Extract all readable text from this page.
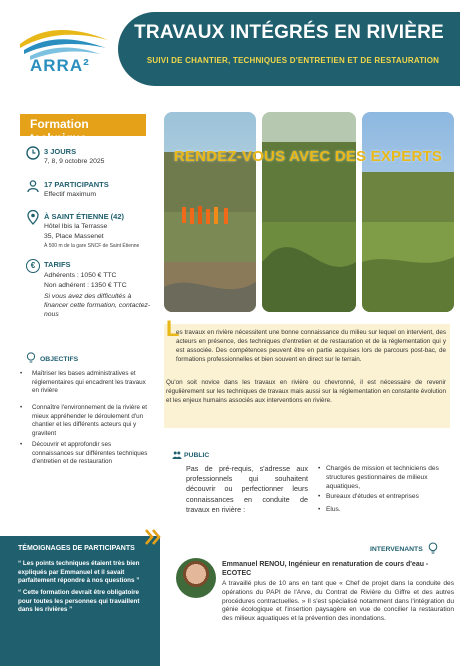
ARRA²
TRAVAUX INTÉGRÉS EN RIVIÈRE
SUIVI DE CHANTIER, TECHNIQUES D'ENTRETIEN ET DE RESTAURATION
Formation technique
3 JOURS
7, 8, 9 octobre 2025
17 PARTICIPANTS
Effectif maximum
À SAINT ÉTIENNE (42)
Hôtel Ibis la Terrasse
35, Place Massenet
À 500 m de la gare SNCF de Saint Étienne
€	TARIFS
Adhérents : 1050 € TTC
Non adhérent : 1350 € TTC
Si vous avez des difficultés à financer cette formation, contactez-nous
RENDEZ-VOUS AVEC DES EXPERTS
L
es travaux en rivière nécessitent une bonne connaissance du milieu sur lequel on intervient, des acteurs en présence, des techniques d'entretien et de restauration et de la réglementation qui y est associée. Des compétences peuvent être en partie acquises lors de parcours post-bac, de formations professionnelles et bien souvent en direct sur le terrain.
Qu'on soit novice dans les travaux en rivière ou chevronné, il est nécessaire de revenir régulièrement sur les techniques de travaux mais aussi sur la réglementation en constante évolution et les enjeux humains associés aux interventions en rivière.
OBJECTIFS
• Maîtriser les bases administratives et réglementaires qui encadrent les travaux en rivière
• Connaître l'environnement de la rivière et mieux appréhender le déroulement d'un chantier et les différents acteurs qui y gravitent
• Découvrir et approfondir ses connaissances sur différentes techniques d'entretien et de restauration
PUBLIC
Pas de pré-requis, s'adresse aux professionnels qui souhaitent découvrir ou perfectionner leurs connaissances en conduite de travaux en rivière :
• Chargés de mission et techniciens des structures gestionnaires de milieux aquatiques,
• Bureaux d'études et entreprises
• Elus.
TÉMOIGNAGES DE PARTICIPANTS
“ Les points techniques étaient très bien expliqués par Emmanuel et il savait parfaitement répondre à nos questions ”
“ Cette formation devrait être obligatoire pour toutes les personnes qui travaillent dans les rivières ”
INTERVENANTS
Emmanuel RENOU, Ingénieur en renaturation de cours d'eau - ECOTEC
A travaillé plus de 10 ans en tant que « Chef de projet dans la conduite des opérations du PAPI de l'Arve, du Contrat de Rivière du Giffre et des autres procédures contractuelles. » Il s'est spécialisé notamment dans l'intégration du génie écologique et l'insertion paysagère en vue de concilier la restauration des milieux aquatiques et la prévention des inondations.
